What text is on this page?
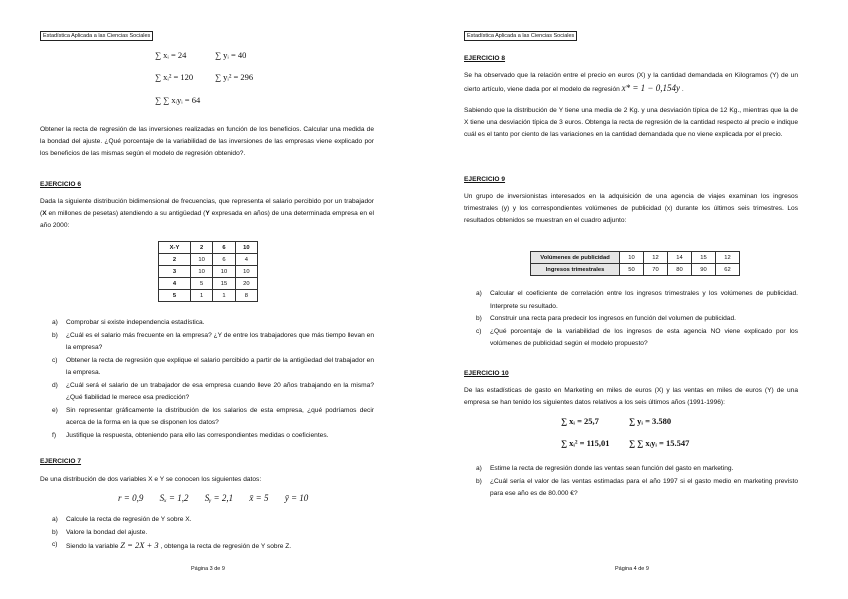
Estadística Aplicada a las Ciencias Sociales
∑ xᵢ = 24	∑ yᵢ = 40
∑ xᵢ² = 120	∑ yᵢ² = 296
∑ ∑ xᵢyᵢ = 64
Obtener la recta de regresión de las inversiones realizadas en función de los beneficios. Calcular una medida de la bondad del ajuste. ¿Qué porcentaje de la variabilidad de las inversiones de las empresas viene explicado por los beneficios de las mismas según el modelo de regresión obtenido?.
EJERCICIO 6
Dada la siguiente distribución bidimensional de frecuencias, que representa el salario percibido por un trabajador (X en millones de pesetas) atendiendo a su antigüedad (Y expresada en años) de una determinada empresa en el año 2000:
X-Y	2	6	10
2	10	6	4
3	10	10	10
4	5	15	20
5	1	1	8
a)	Comprobar si existe independencia estadística.
b)	¿Cuál es el salario más frecuente en la empresa? ¿Y de entre los trabajadores que más tiempo llevan en la empresa?
c)	Obtener la recta de regresión que explique el salario percibido a partir de la antigüedad del trabajador en la empresa.
d)	¿Cuál será el salario de un trabajador de esa empresa cuando lleve 20 años trabajando en la misma? ¿Qué fiabilidad le merece esa predicción?
e)	Sin representar gráficamente la distribución de los salarios de esta empresa, ¿qué podríamos decir acerca de la forma en la que se disponen los datos?
f)	Justifique la respuesta, obteniendo para ello las correspondientes medidas o coeficientes.
EJERCICIO 7
De una distribución de dos variables X e Y se conocen los siguientes datos:
r = 0,9 Sₓ = 1,2 Sᵧ = 2,1 x̄ = 5 ȳ = 10
a)	Calcule la recta de regresión de Y sobre X.
b)	Valore la bondad del ajuste.
c)	Siendo la variable Z = 2X + 3 , obtenga la recta de regresión de Y sobre Z.
Página 3 de 9
Estadística Aplicada a las Ciencias Sociales
EJERCICIO 8
Se ha observado que la relación entre el precio en euros (X) y la cantidad demandada en Kilogramos (Y) de un cierto artículo, viene dada por el modelo de regresión x* = 1 − 0,154y .
Sabiendo que la distribución de Y tiene una media de 2 Kg. y una desviación típica de 12 Kg., mientras que la de X tiene una desviación típica de 3 euros. Obtenga la recta de regresión de la cantidad respecto al precio e indique cuál es el tanto por ciento de las variaciones en la cantidad demandada que no viene explicada por el precio.
EJERCICIO 9
Un grupo de inversionistas interesados en la adquisición de una agencia de viajes examinan los ingresos trimestrales (y) y los correspondientes volúmenes de publicidad (x) durante los últimos seis trimestres. Los resultados obtenidos se muestran en el cuadro adjunto:
Volúmenes de publicidad	10	12	14	15	12
Ingresos trimestrales	50	70	80	90	62
a)	Calcular el coeficiente de correlación entre los ingresos trimestrales y los volúmenes de publicidad. Interprete su resultado.
b)	Construir una recta para predecir los ingresos en función del volumen de publicidad.
c)	¿Qué porcentaje de la variabilidad de los ingresos de esta agencia NO viene explicado por los volúmenes de publicidad según el modelo propuesto?
EJERCICIO 10
De las estadísticas de gasto en Marketing en miles de euros (X) y las ventas en miles de euros (Y) de una empresa se han tenido los siguientes datos relativos a los seis últimos años (1991-1996):
∑ xᵢ = 25,7	∑ yᵢ = 3.580
∑ xᵢ² = 115,01 ∑ ∑ xᵢyᵢ = 15.547
a)	Estime la recta de regresión donde las ventas sean función del gasto en marketing.
b)	¿Cuál sería el valor de las ventas estimadas para el año 1997 si el gasto medio en marketing previsto para ese año es de 80.000 €?
Página 4 de 9
